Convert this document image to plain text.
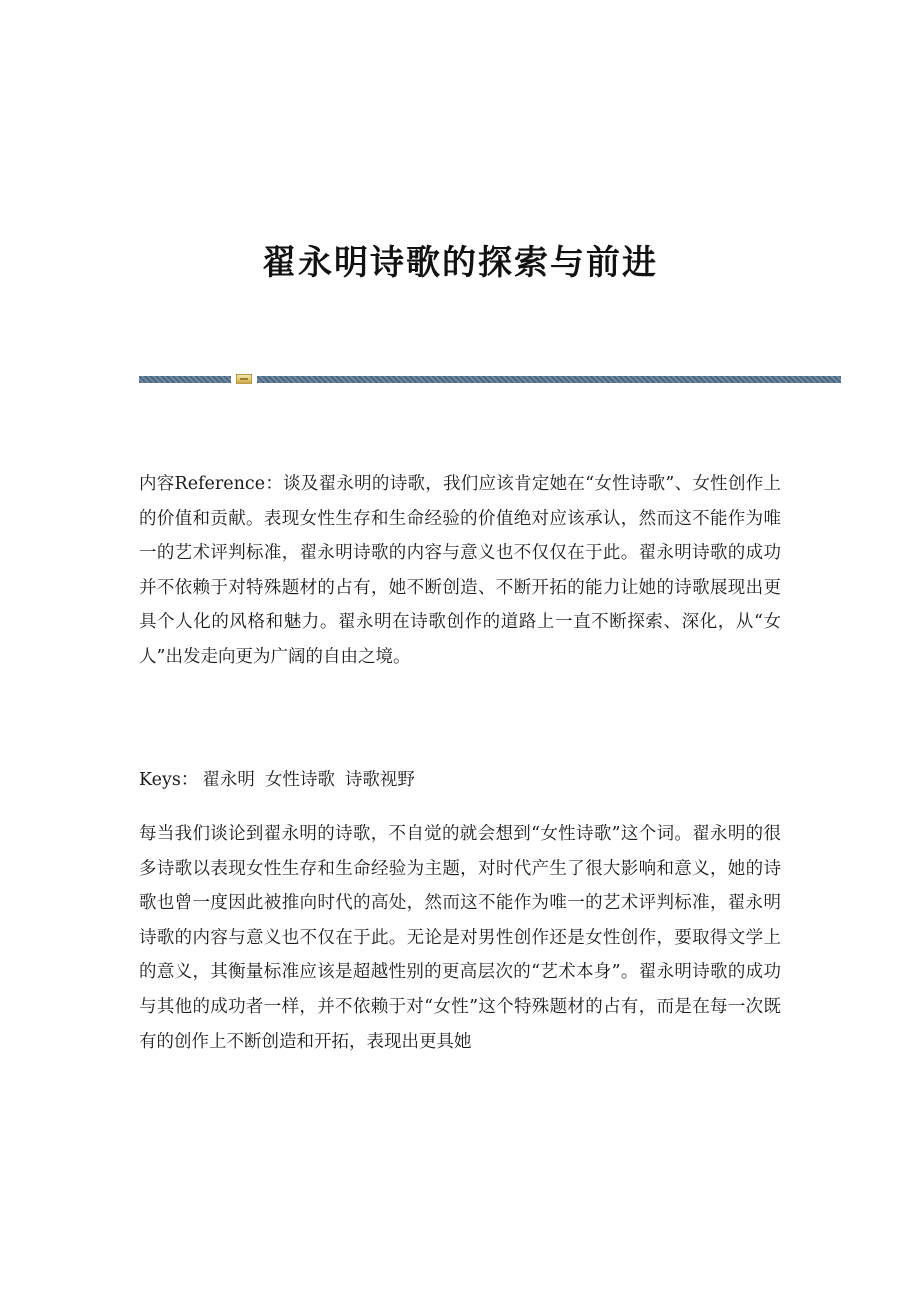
翟永明诗歌的探索与前进
内容Reference：谈及翟永明的诗歌，我们应该肯定她在“女性诗歌”、女性创作上的价值和贡献。表现女性生存和生命经验的价值绝对应该承认，然而这不能作为唯一的艺术评判标准，翟永明诗歌的内容与意义也不仅仅在于此。翟永明诗歌的成功并不依赖于对特殊题材的占有，她不断创造、不断开拓的能力让她的诗歌展现出更具个人化的风格和魅力。翟永明在诗歌创作的道路上一直不断探索、深化，从“女人”出发走向更为广阔的自由之境。
Keys： 翟永明 女性诗歌 诗歌视野
每当我们谈论到翟永明的诗歌，不自觉的就会想到“女性诗歌”这个词。翟永明的很多诗歌以表现女性生存和生命经验为主题，对时代产生了很大影响和意义，她的诗歌也曾一度因此被推向时代的高处，然而这不能作为唯一的艺术评判标准，翟永明诗歌的内容与意义也不仅在于此。无论是对男性创作还是女性创作，要取得文学上的意义，其衡量标准应该是超越性别的更高层次的“艺术本身”。翟永明诗歌的成功与其他的成功者一样，并不依赖于对“女性”这个特殊题材的占有，而是在每一次既有的创作上不断创造和开拓，表现出更具她
